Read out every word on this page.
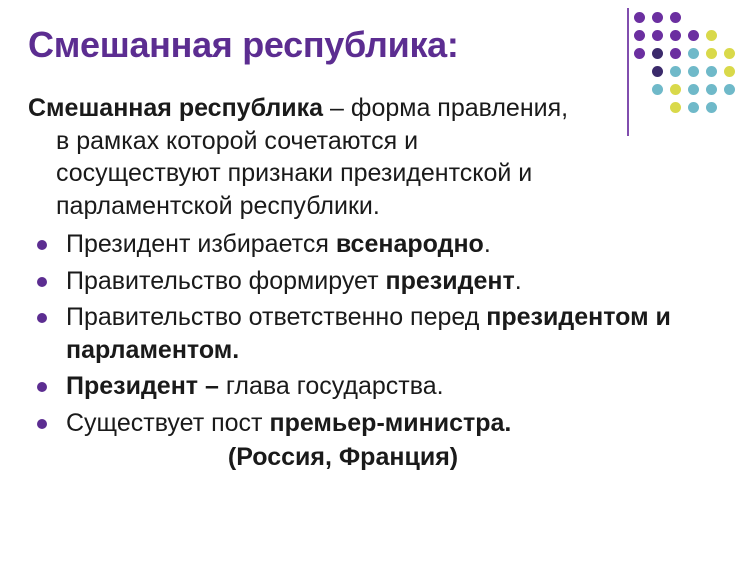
Смешанная республика:

Смешанная республика – форма правления,
в рамках которой сочетаются и
сосуществуют признаки президентской и
парламентской республики.

Президент избирается всенародно.
Правительство формирует президент.
Правительство ответственно перед президентом и парламентом.
Президент – глава государства.
Существует пост премьер-министра.

(Россия, Франция)
